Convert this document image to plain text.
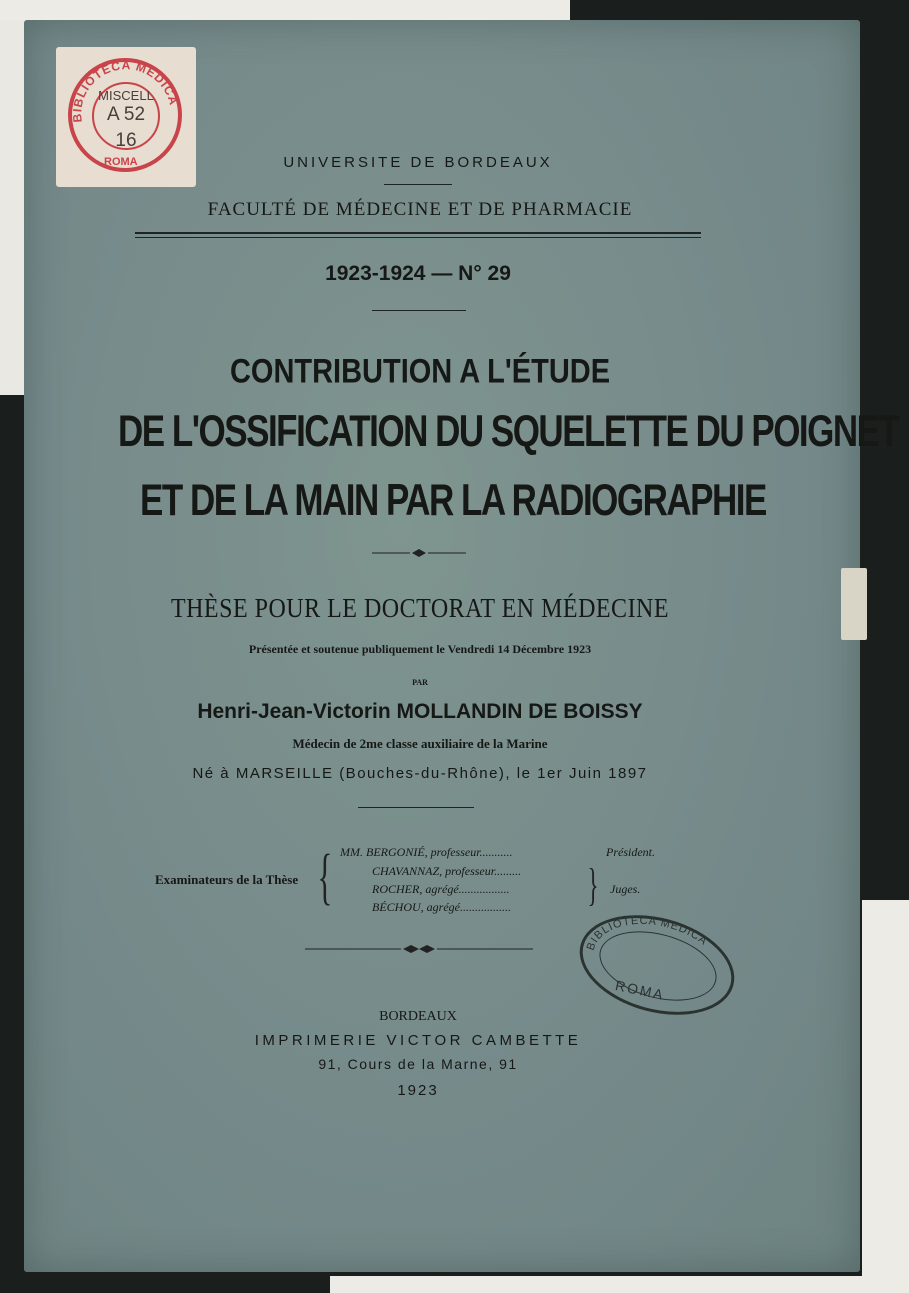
BIBLIOTECA MEDICA
ROMA
MISCELL
A 52
16
UNIVERSITE DE BORDEAUX
FACULTÉ DE MÉDECINE ET DE PHARMACIE
1923-1924 — N° 29
CONTRIBUTION A L'ÉTUDE
DE L'OSSIFICATION DU SQUELETTE DU POIGNET
ET DE LA MAIN PAR LA RADIOGRAPHIE
THÈSE POUR LE DOCTORAT EN MÉDECINE
Présentée et soutenue publiquement le Vendredi 14 Décembre 1923
PAR
Henri-Jean-Victorin MOLLANDIN DE BOISSY
Médecin de 2me classe auxiliaire de la Marine
Né à MARSEILLE (Bouches-du-Rhône), le 1er Juin 1897
Examinateurs de la Thèse { MM. BERGONIÉ, professeur...........	Président.
CHAVANNAZ, professeur.........
ROCHER, agrégé.................	Juges.
BÉCHOU, agrégé................. }
BIBLIOTECA MEDICA
ROMA
BORDEAUX
IMPRIMERIE VICTOR CAMBETTE
91, Cours de la Marne, 91
1923
